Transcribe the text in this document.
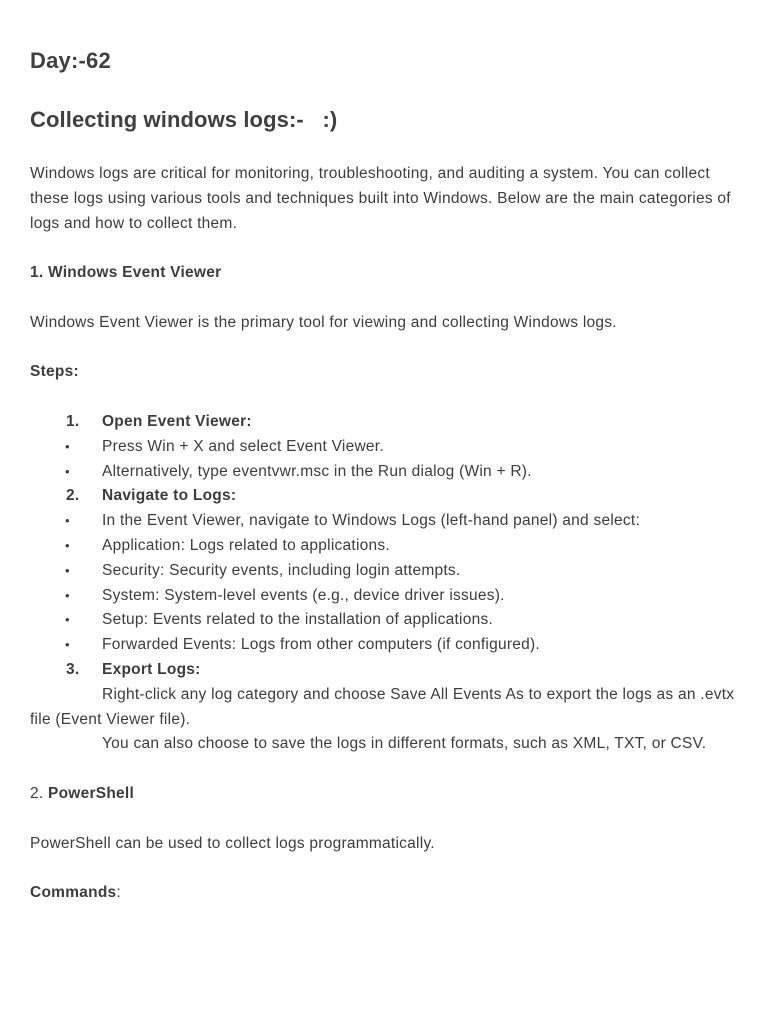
Day:-62
Collecting windows logs:-   :)

Windows logs are critical for monitoring, troubleshooting, and auditing a system. You can collect these logs using various tools and techniques built into Windows. Below are the main categories of logs and how to collect them.

1. Windows Event Viewer

Windows Event Viewer is the primary tool for viewing and collecting Windows logs.

Steps:

1. Open Event Viewer:
• Press Win + X and select Event Viewer.
• Alternatively, type eventvwr.msc in the Run dialog (Win + R).
2. Navigate to Logs:
• In the Event Viewer, navigate to Windows Logs (left-hand panel) and select:
• Application: Logs related to applications.
• Security: Security events, including login attempts.
• System: System-level events (e.g., device driver issues).
• Setup: Events related to the installation of applications.
• Forwarded Events: Logs from other computers (if configured).
3. Export Logs:

Right-click any log category and choose Save All Events As to export the logs as an .evtx file (Event Viewer file).

You can also choose to save the logs in different formats, such as XML, TXT, or CSV.

2. PowerShell

PowerShell can be used to collect logs programmatically.

Commands:
